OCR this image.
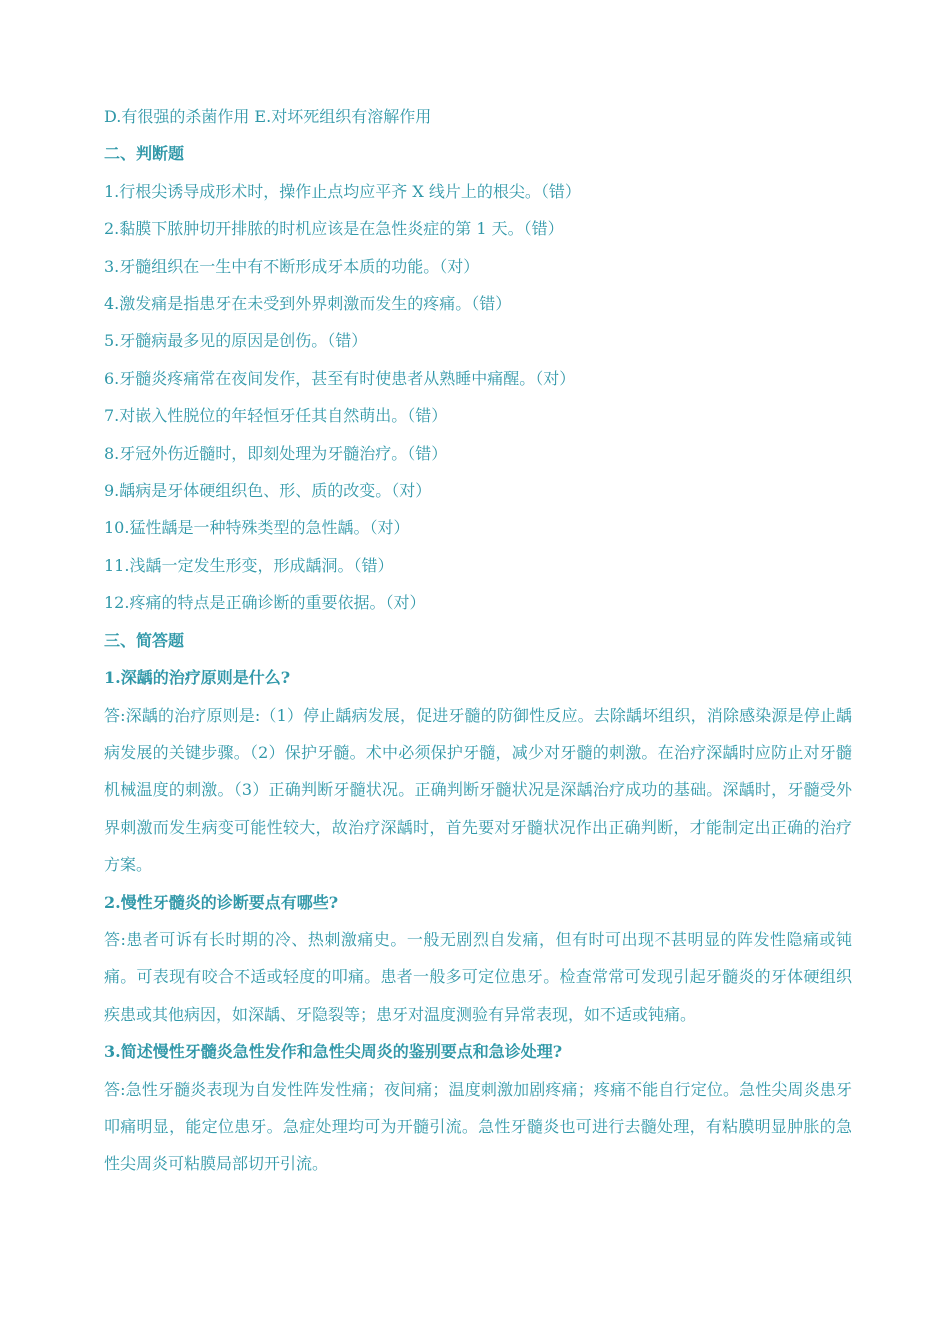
D.有很强的杀菌作用 E.对坏死组织有溶解作用

二、判断题

1.行根尖诱导成形术时，操作止点均应平齐 X 线片上的根尖。（错）

2.黏膜下脓肿切开排脓的时机应该是在急性炎症的第 1 天。（错）

3.牙髓组织在一生中有不断形成牙本质的功能。（对）

4.激发痛是指患牙在未受到外界刺激而发生的疼痛。（错）

5.牙髓病最多见的原因是创伤。（错）

6.牙髓炎疼痛常在夜间发作，甚至有时使患者从熟睡中痛醒。（对）

7.对嵌入性脱位的年轻恒牙任其自然萌出。（错）

8.牙冠外伤近髓时，即刻处理为牙髓治疗。（错）

9.龋病是牙体硬组织色、形、质的改变。（对）

10.猛性龋是一种特殊类型的急性龋。（对）

11.浅龋一定发生形变，形成龋洞。（错）

12.疼痛的特点是正确诊断的重要依据。（对）

三、简答题

1.深龋的治疗原则是什么?

答:深龋的治疗原则是:（1）停止龋病发展，促进牙髓的防御性反应。去除龋坏组织，消除感染源是停止龋病发展的关键步骤。（2）保护牙髓。术中必须保护牙髓，减少对牙髓的刺激。在治疗深龋时应防止对牙髓机械温度的刺激。（3）正确判断牙髓状况。正确判断牙髓状况是深龋治疗成功的基础。深龋时，牙髓受外界刺激而发生病变可能性较大，故治疗深龋时，首先要对牙髓状况作出正确判断，才能制定出正确的治疗方案。

2.慢性牙髓炎的诊断要点有哪些?

答:患者可诉有长时期的冷、热刺激痛史。一般无剧烈自发痛，但有时可出现不甚明显的阵发性隐痛或钝痛。可表现有咬合不适或轻度的叩痛。患者一般多可定位患牙。检查常常可发现引起牙髓炎的牙体硬组织疾患或其他病因，如深龋、牙隐裂等；患牙对温度测验有异常表现，如不适或钝痛。

3.简述慢性牙髓炎急性发作和急性尖周炎的鉴别要点和急诊处理?

答:急性牙髓炎表现为自发性阵发性痛；夜间痛；温度刺激加剧疼痛；疼痛不能自行定位。急性尖周炎患牙叩痛明显，能定位患牙。急症处理均可为开髓引流。急性牙髓炎也可进行去髓处理，有粘膜明显肿胀的急性尖周炎可粘膜局部切开引流。
